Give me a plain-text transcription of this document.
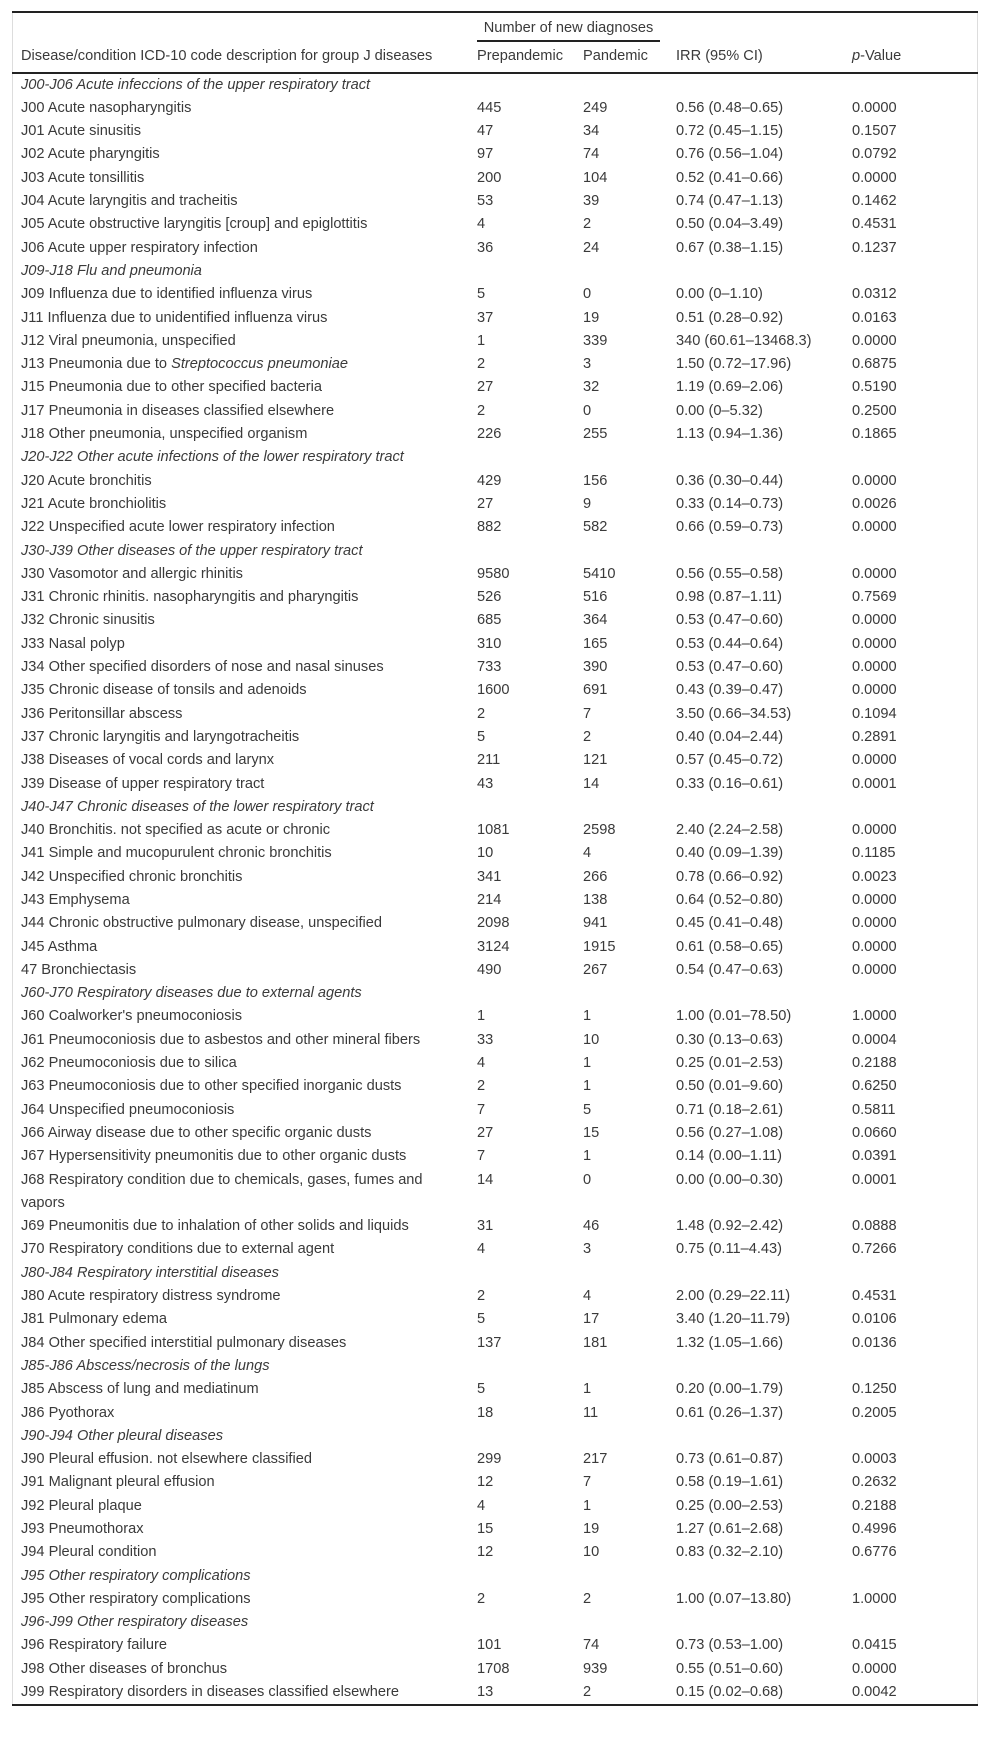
	Number of new diagnoses			

Disease/condition ICD-10 code description for group J diseases	Prepandemic	Pandemic	IRR (95% CI)	p-Value
J00-J06 Acute infeccions of the upper respiratory tract				
J00 Acute nasopharyngitis	445	249	0.56 (0.48–0.65)	0.0000
J01 Acute sinusitis	47	34	0.72 (0.45–1.15)	0.1507
J02 Acute pharyngitis	97	74	0.76 (0.56–1.04)	0.0792
J03 Acute tonsillitis	200	104	0.52 (0.41–0.66)	0.0000
J04 Acute laryngitis and tracheitis	53	39	0.74 (0.47–1.13)	0.1462
J05 Acute obstructive laryngitis [croup] and epiglottitis	4	2	0.50 (0.04–3.49)	0.4531
J06 Acute upper respiratory infection	36	24	0.67 (0.38–1.15)	0.1237
J09-J18 Flu and pneumonia				
J09 Influenza due to identified influenza virus	5	0	0.00 (0–1.10)	0.0312
J11 Influenza due to unidentified influenza virus	37	19	0.51 (0.28–0.92)	0.0163
J12 Viral pneumonia, unspecified	1	339	340 (60.61–13468.3)	0.0000
J13 Pneumonia due to Streptococcus pneumoniae	2	3	1.50 (0.72–17.96)	0.6875
J15 Pneumonia due to other specified bacteria	27	32	1.19 (0.69–2.06)	0.5190
J17 Pneumonia in diseases classified elsewhere	2	0	0.00 (0–5.32)	0.2500
J18 Other pneumonia, unspecified organism	226	255	1.13 (0.94–1.36)	0.1865
J20-J22 Other acute infections of the lower respiratory tract				
J20 Acute bronchitis	429	156	0.36 (0.30–0.44)	0.0000
J21 Acute bronchiolitis	27	9	0.33 (0.14–0.73)	0.0026
J22 Unspecified acute lower respiratory infection	882	582	0.66 (0.59–0.73)	0.0000
J30-J39 Other diseases of the upper respiratory tract				
J30 Vasomotor and allergic rhinitis	9580	5410	0.56 (0.55–0.58)	0.0000
J31 Chronic rhinitis. nasopharyngitis and pharyngitis	526	516	0.98 (0.87–1.11)	0.7569
J32 Chronic sinusitis	685	364	0.53 (0.47–0.60)	0.0000
J33 Nasal polyp	310	165	0.53 (0.44–0.64)	0.0000
J34 Other specified disorders of nose and nasal sinuses	733	390	0.53 (0.47–0.60)	0.0000
J35 Chronic disease of tonsils and adenoids	1600	691	0.43 (0.39–0.47)	0.0000
J36 Peritonsillar abscess	2	7	3.50 (0.66–34.53)	0.1094
J37 Chronic laryngitis and laryngotracheitis	5	2	0.40 (0.04–2.44)	0.2891
J38 Diseases of vocal cords and larynx	211	121	0.57 (0.45–0.72)	0.0000
J39 Disease of upper respiratory tract	43	14	0.33 (0.16–0.61)	0.0001
J40-J47 Chronic diseases of the lower respiratory tract				
J40 Bronchitis. not specified as acute or chronic	1081	2598	2.40 (2.24–2.58)	0.0000
J41 Simple and mucopurulent chronic bronchitis	10	4	0.40 (0.09–1.39)	0.1185
J42 Unspecified chronic bronchitis	341	266	0.78 (0.66–0.92)	0.0023
J43 Emphysema	214	138	0.64 (0.52–0.80)	0.0000
J44 Chronic obstructive pulmonary disease, unspecified	2098	941	0.45 (0.41–0.48)	0.0000
J45 Asthma	3124	1915	0.61 (0.58–0.65)	0.0000
47 Bronchiectasis	490	267	0.54 (0.47–0.63)	0.0000
J60-J70 Respiratory diseases due to external agents				
J60 Coalworker's pneumoconiosis	1	1	1.00 (0.01–78.50)	1.0000
J61 Pneumoconiosis due to asbestos and other mineral fibers	33	10	0.30 (0.13–0.63)	0.0004
J62 Pneumoconiosis due to silica	4	1	0.25 (0.01–2.53)	0.2188
J63 Pneumoconiosis due to other specified inorganic dusts	2	1	0.50 (0.01–9.60)	0.6250
J64 Unspecified pneumoconiosis	7	5	0.71 (0.18–2.61)	0.5811
J66 Airway disease due to other specific organic dusts	27	15	0.56 (0.27–1.08)	0.0660
J67 Hypersensitivity pneumonitis due to other organic dusts	7	1	0.14 (0.00–1.11)	0.0391
J68 Respiratory condition due to chemicals, gases, fumes and vapors	14	0	0.00 (0.00–0.30)	0.0001
J69 Pneumonitis due to inhalation of other solids and liquids	31	46	1.48 (0.92–2.42)	0.0888
J70 Respiratory conditions due to external agent	4	3	0.75 (0.11–4.43)	0.7266
J80-J84 Respiratory interstitial diseases				
J80 Acute respiratory distress syndrome	2	4	2.00 (0.29–22.11)	0.4531
J81 Pulmonary edema	5	17	3.40 (1.20–11.79)	0.0106
J84 Other specified interstitial pulmonary diseases	137	181	1.32 (1.05–1.66)	0.0136
J85-J86 Abscess/necrosis of the lungs				
J85 Abscess of lung and mediatinum	5	1	0.20 (0.00–1.79)	0.1250
J86 Pyothorax	18	11	0.61 (0.26–1.37)	0.2005
J90-J94 Other pleural diseases				
J90 Pleural effusion. not elsewhere classified	299	217	0.73 (0.61–0.87)	0.0003
J91 Malignant pleural effusion	12	7	0.58 (0.19–1.61)	0.2632
J92 Pleural plaque	4	1	0.25 (0.00–2.53)	0.2188
J93 Pneumothorax	15	19	1.27 (0.61–2.68)	0.4996
J94 Pleural condition	12	10	0.83 (0.32–2.10)	0.6776
J95 Other respiratory complications				
J95 Other respiratory complications	2	2	1.00 (0.07–13.80)	1.0000
J96-J99 Other respiratory diseases				
J96 Respiratory failure	101	74	0.73 (0.53–1.00)	0.0415
J98 Other diseases of bronchus	1708	939	0.55 (0.51–0.60)	0.0000
J99 Respiratory disorders in diseases classified elsewhere	13	2	0.15 (0.02–0.68)	0.0042
